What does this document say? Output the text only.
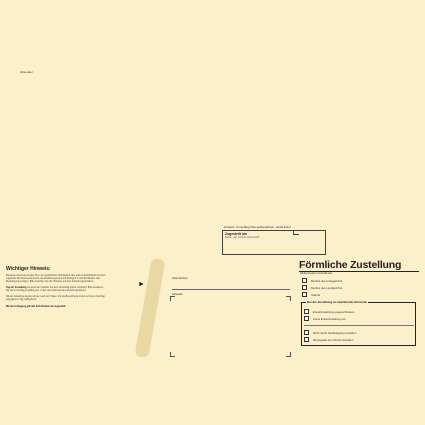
Absender
Wichtiger Hinweis:
Mit dieser Sendung werden Ihnen ein gerichtliches Schriftstück oder andere Schriftstücke förmlich zugestellt. Bei Abwesenheit kann die Zustellung auch durch Einlegen in den Briefkasten oder Niederlegung erfolgen. Bitte beachten Sie die Hinweise auf dem Zustellungsschreiben.
Tag der Zustellung vermerkt der Zusteller auf dem Umschlag (siehe Vordruck). Bitte bewahren Sie den Umschlag sorgfältig auf; er dient als Nachweis des Zustellungsdatums.
Mit der Zustellung beginnt oft der Lauf von Fristen. Für die Berechnung ist der auf dem Umschlag angegebene Tag maßgebend.
Mit der Umlegung gilt das Schriftstück als zugestellt.
►
Aktenzeichen
Adressat
Hinweis: Umschlag bitte aufbewahren, siehe links!
Zugestellt am
Datum, ggf. Uhrzeit, Unterschrift
Förmliche Zustellung
Weitersenden innerhalb des
Bezirks des Amtsgerichts
Bezirks des Landgerichts
Inlands
Bei der Zustellung zu beachtende Vermerke
Ersatzzustellung ausgeschlossen
Keine Ersatzzustellung an:
Nicht durch Niederlegung zustellen
Mit Angabe der Uhrzeit zustellen
